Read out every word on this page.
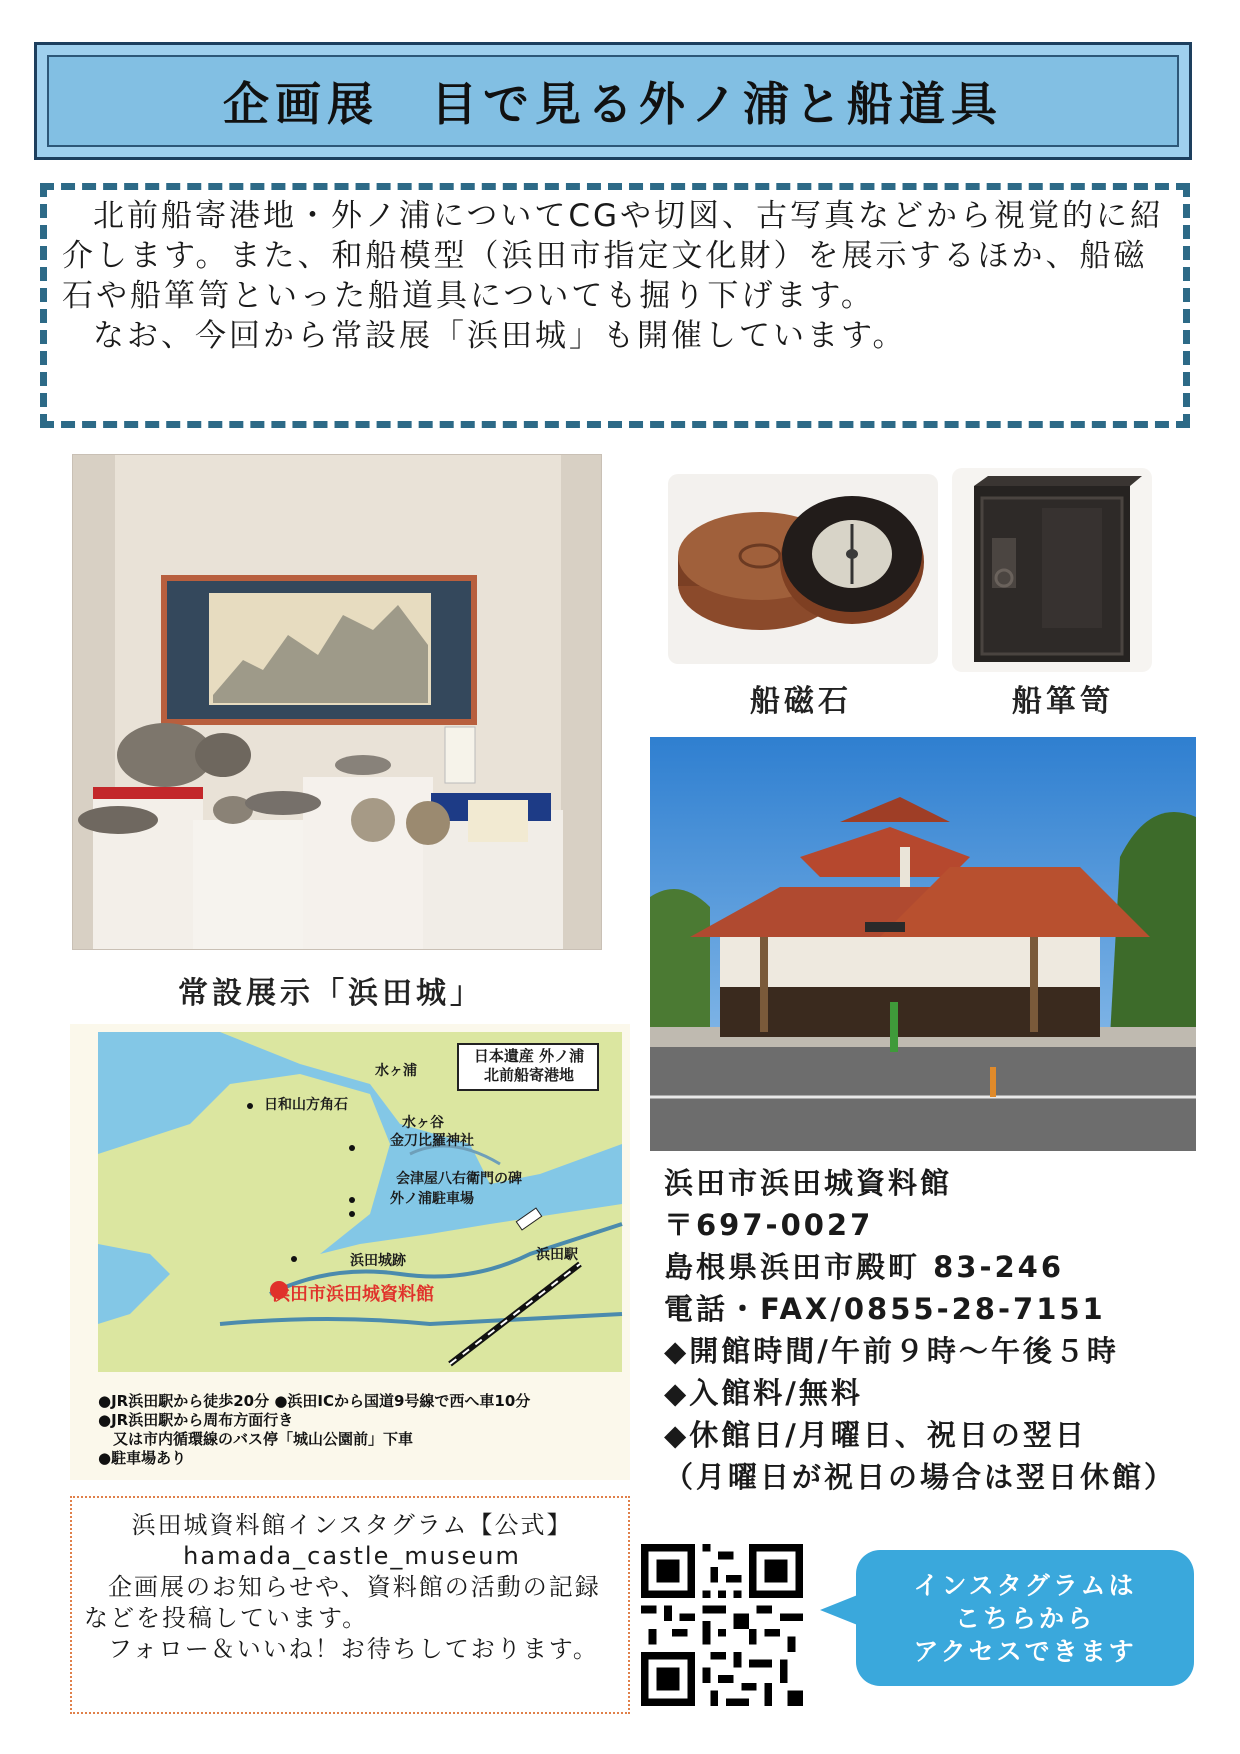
企画展　目で見る外ノ浦と船道具

北前船寄港地・外ノ浦についてCGや切図、古写真などから視覚的に紹介します。また、和船模型（浜田市指定文化財）を展示するほか、船磁石や船箪笥といった船道具についても掘り下げます。

なお、今回から常設展「浜田城」も開催しています。

常設展示「浜田城」
船磁石	船箪笥
浜田市浜田城資料館
〒697-0027
島根県浜田市殿町 83-246
電話・FAX/0855-28-7151
◆開館時間/午前９時～午後５時
◆入館料/無料
◆休館日/月曜日、祝日の翌日
（月曜日が祝日の場合は翌日休館）
日本遺産 外ノ浦
北前船寄港地
水ヶ浦
日和山方角石
水ヶ谷
金刀比羅神社
会津屋八右衛門の碑
外ノ浦駐車場
浜田城跡	浜田駅
浜田市浜田城資料館
●JR浜田駅から徒歩20分 ●浜田ICから国道9号線で西へ車10分
●JR浜田駅から周布方面行き
　又は市内循環線のバス停「城山公園前」下車
●駐車場あり
浜田城資料館インスタグラム【公式】
hamada_castle_museum
企画展のお知らせや、資料館の活動の記録などを投稿しています。
フォロー＆いいね！お待ちしております。
インスタグラムは
こちらから
アクセスできます
